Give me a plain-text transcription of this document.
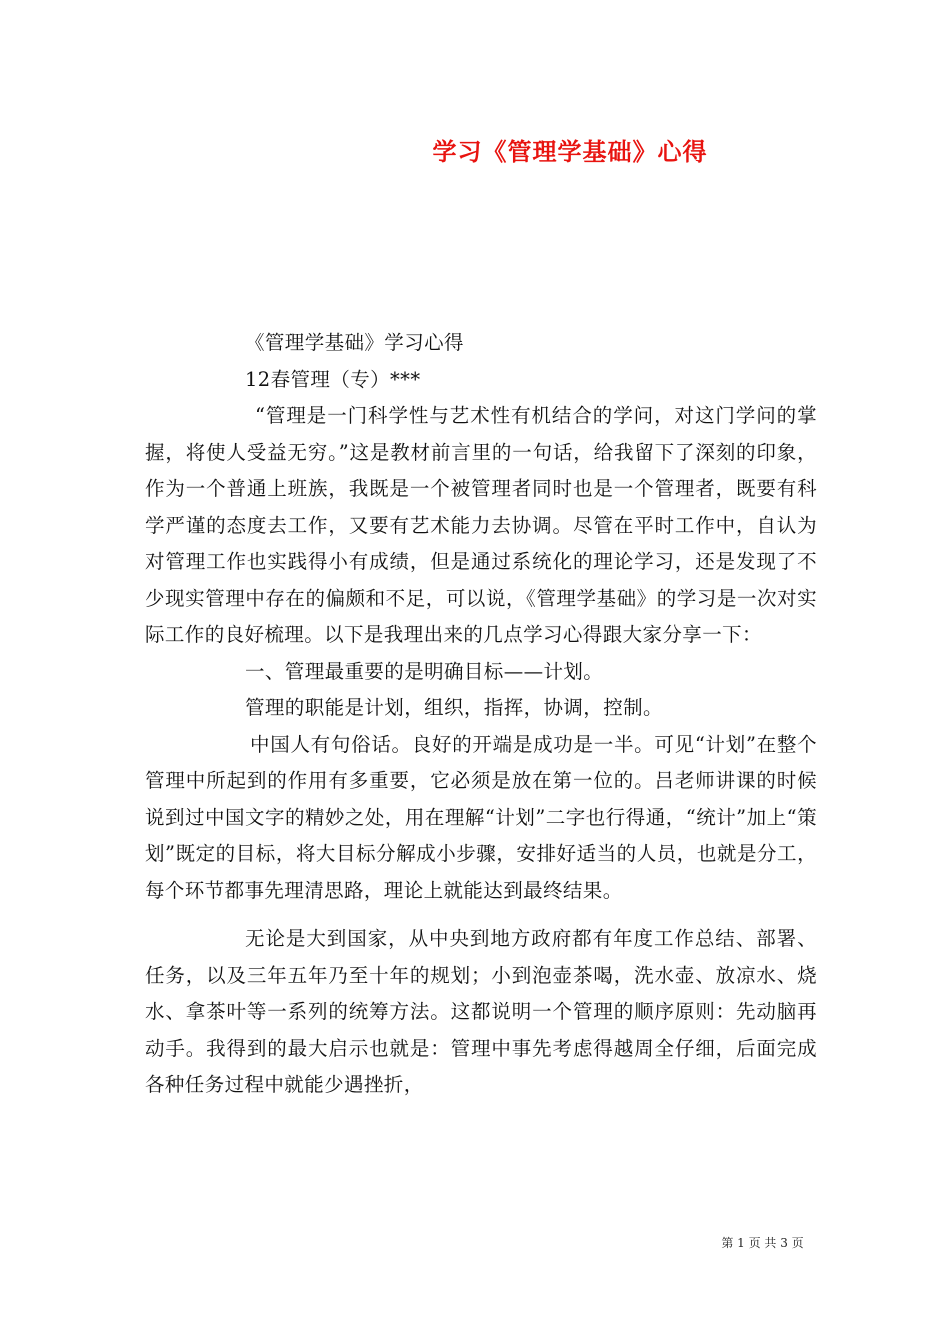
学习《管理学基础》心得

《管理学基础》学习心得

12春管理（专）***

“管理是一门科学性与艺术性有机结合的学问，对这门学问的掌握，将使人受益无穷。”这是教材前言里的一句话，给我留下了深刻的印象，作为一个普通上班族，我既是一个被管理者同时也是一个管理者，既要有科学严谨的态度去工作，又要有艺术能力去协调。尽管在平时工作中，自认为对管理工作也实践得小有成绩，但是通过系统化的理论学习，还是发现了不少现实管理中存在的偏颇和不足，可以说，《管理学基础》的学习是一次对实际工作的良好梳理。以下是我理出来的几点学习心得跟大家分享一下：

一、管理最重要的是明确目标——计划。

管理的职能是计划，组织，指挥，协调，控制。

中国人有句俗话。良好的开端是成功是一半。可见“计划”在整个管理中所起到的作用有多重要，它必须是放在第一位的。吕老师讲课的时候说到过中国文字的精妙之处，用在理解“计划”二字也行得通，“统计”加上“策划”既定的目标，将大目标分解成小步骤，安排好适当的人员，也就是分工，每个环节都事先理清思路，理论上就能达到最终结果。

无论是大到国家，从中央到地方政府都有年度工作总结、部署、任务，以及三年五年乃至十年的规划；小到泡壶茶喝，洗水壶、放凉水、烧水、拿茶叶等一系列的统筹方法。这都说明一个管理的顺序原则：先动脑再动手。我得到的最大启示也就是：管理中事先考虑得越周全仔细，后面完成各种任务过程中就能少遇挫折，

第 1 页 共 3 页
